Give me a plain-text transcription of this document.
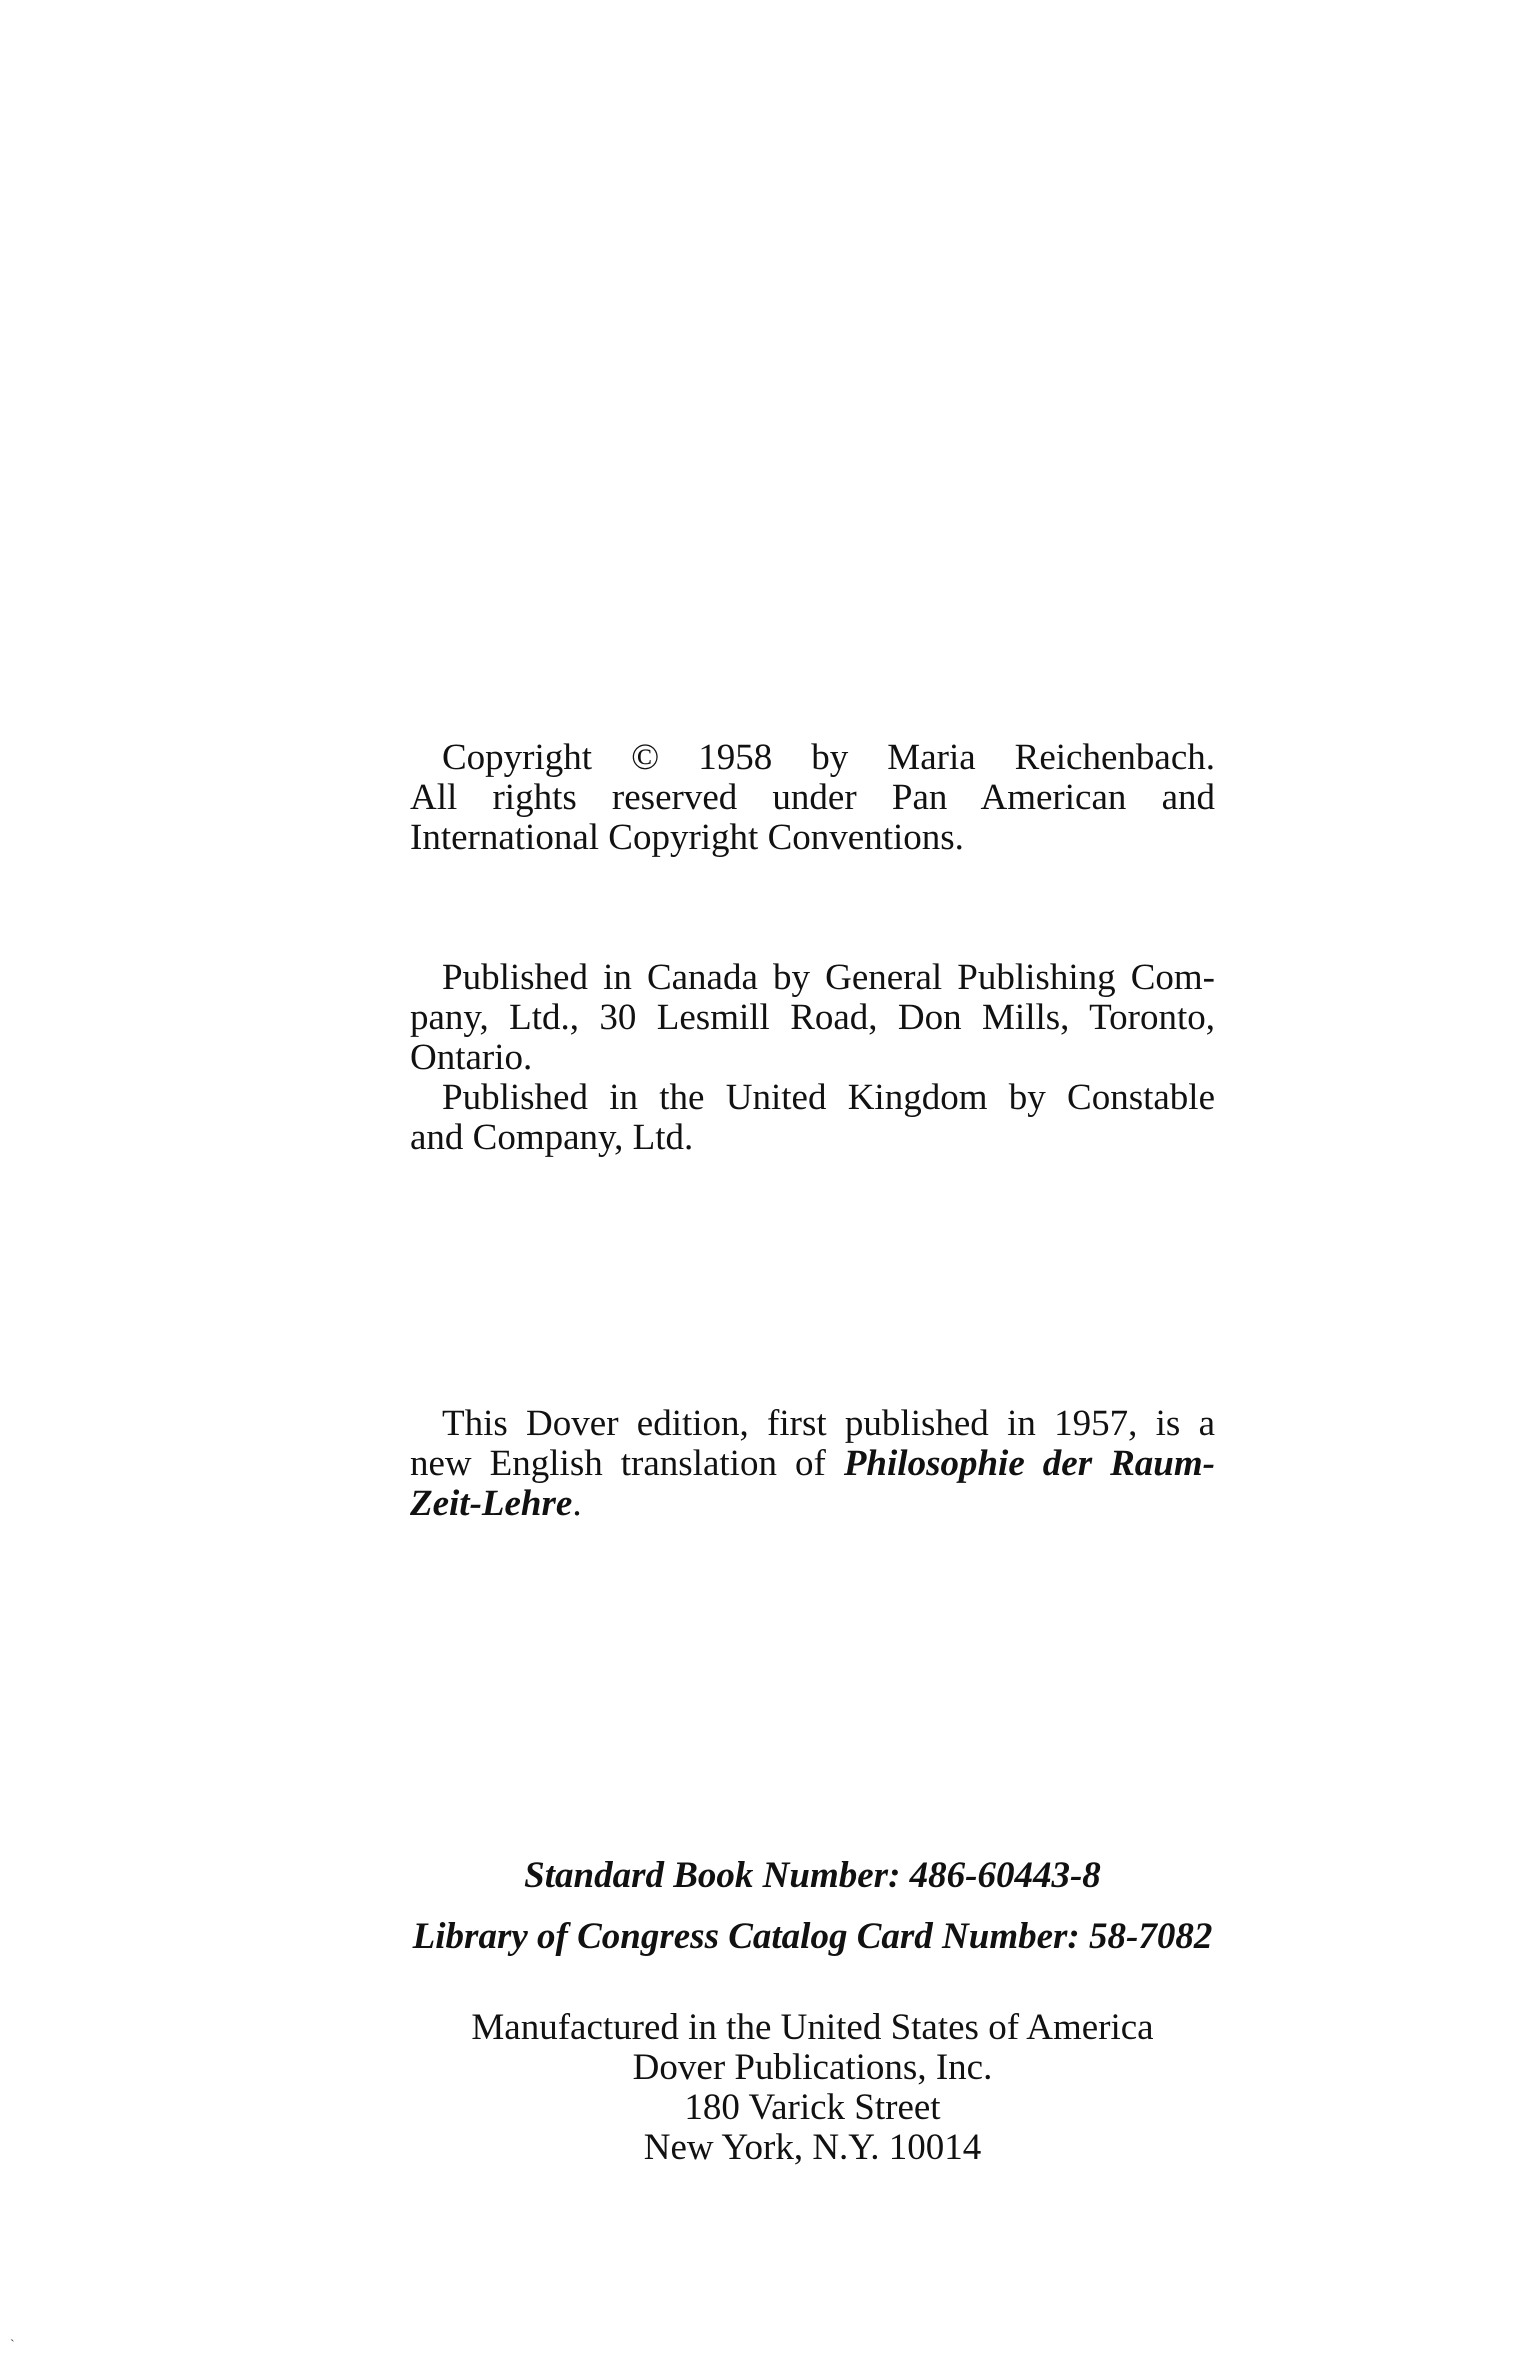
Copyright © 1958 by Maria Reichenbach.
All rights reserved under Pan American and
International Copyright Conventions.
Published in Canada by General Publishing Com-
pany, Ltd., 30 Lesmill Road, Don Mills, Toronto,
Ontario.
Published in the United Kingdom by Constable
and Company, Ltd.
This Dover edition, first published in 1957, is a
new English translation of Philosophie der Raum-
Zeit-Lehre.
Standard Book Number: 486-60443-8
Library of Congress Catalog Card Number: 58-7082
Manufactured in the United States of America
Dover Publications, Inc.
180 Varick Street
New York, N.Y. 10014
`
